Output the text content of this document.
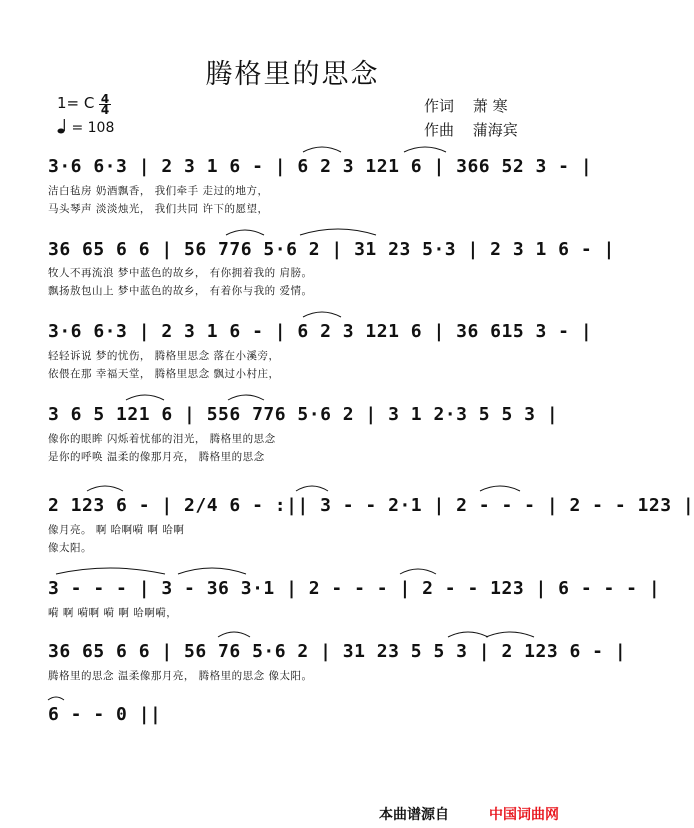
腾格里的思念
1= C 4
4
= 108
作词 萧 寒
作曲 蒲海宾
3·6 6·3 | 2 3 1 6 - | 6 2 3 121 6 | 366 52 3 - |
洁白毡房 奶酒飘香， 我们牵手 走过的地方，
马头琴声 淡淡烛光， 我们共同 许下的愿望，
36 65 6 6 | 56 776 5·6 2 | 31 23 5·3 | 2 3 1 6 - |
牧人不再流浪 梦中蓝色的故乡， 有你拥着我的 肩膀。
飘扬敖包山上 梦中蓝色的故乡， 有着你与我的 爱情。
3·6 6·3 | 2 3 1 6 - | 6 2 3 121 6 | 36 615 3 - |
轻轻诉说 梦的忧伤， 腾格里思念 落在小溪旁，
依偎在那 幸福天堂， 腾格里思念 飘过小村庄，
3 6 5 121 6 | 556 776 5·6 2 | 3 1 2·3 5 5 3 |
像你的眼眸 闪烁着忧郁的泪光， 腾格里的思念
是你的呼唤 温柔的像那月亮， 腾格里的思念
2 123 6 - | 2/4 6 - :|| 3 - - 2·1 | 2 - - - | 2 - - 123 |
像月亮。 啊 哈啊嗬 啊 哈啊
像太阳。
3 - - - | 3 - 36 3·1 | 2 - - - | 2 - - 123 | 6 - - - |
嗬 啊 嗬啊 嗬 啊 哈啊嗬，
36 65 6 6 | 56 76 5·6 2 | 31 23 5 5 3 | 2 123 6 - |
腾格里的思念 温柔像那月亮， 腾格里的思念 像太阳。
6 - - 0 ||
本曲谱源自	中国词曲网
